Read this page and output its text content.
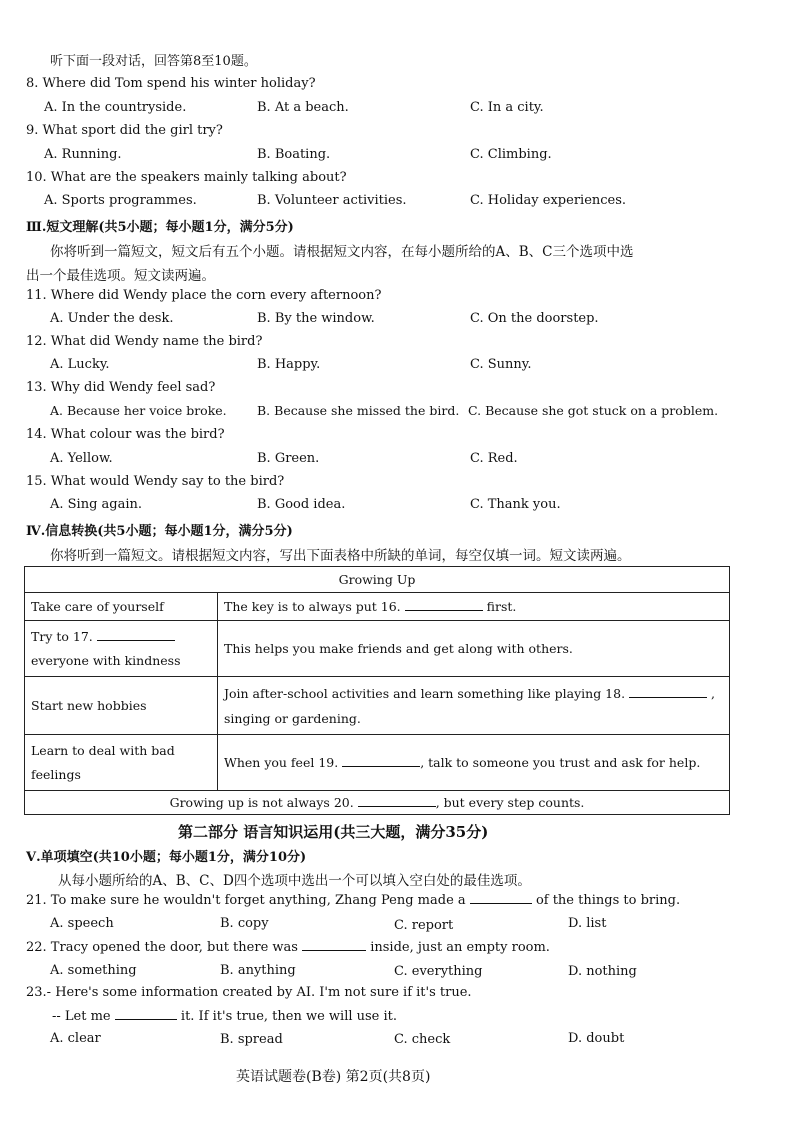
听下面一段对话，回答第8至10题。
8. Where did Tom spend his winter holiday?
A. In the countryside.	B. At a beach.	C. In a city.
9. What sport did the girl try?
A. Running.	B. Boating.	C. Climbing.
10. What are the speakers mainly talking about?
A. Sports programmes.	B. Volunteer activities.	C. Holiday experiences.
Ⅲ.短文理解(共5小题；每小题1分，满分5分)
你将听到一篇短文，短文后有五个小题。请根据短文内容，在每小题所给的A、B、C三个选项中选
出一个最佳选项。短文读两遍。
11. Where did Wendy place the corn every afternoon?
A. Under the desk.	B. By the window.	C. On the doorstep.
12. What did Wendy name the bird?
A. Lucky.	B. Happy.	C. Sunny.
13. Why did Wendy feel sad?
A. Because her voice broke. B. Because she missed the bird. C. Because she got stuck on a problem.
14. What colour was the bird?
A. Yellow.	B. Green.	C. Red.
15. What would Wendy say to the bird?
A. Sing again.	B. Good idea.	C. Thank you.
Ⅳ.信息转换(共5小题；每小题1分，满分5分)
你将听到一篇短文。请根据短文内容，写出下面表格中所缺的单词，每空仅填一词。短文读两遍。
Growing Up	
Take care of yourself	The key is to always put 16. first.
Try to 17.
everyone with kindness	This helps you make friends and get along with others.
Start new hobbies	Join after-school activities and learn something like playing 18. ,
singing or gardening.
Learn to deal with bad feelings	When you feel 19. , talk to someone you trust and ask for help.
Growing up is not always 20. , but every step counts.	
第二部分 语言知识运用(共三大题，满分35分)
Ⅴ.单项填空(共10小题；每小题1分，满分10分)
从每小题所给的A、B、C、D四个选项中选出一个可以填入空白处的最佳选项。
21. To make sure he wouldn't forget anything, Zhang Peng made a	of the things to bring.
A. speech	B. copy	C. report	D. list
22. Tracy opened the door, but there was	inside, just an empty room.
A. something	B. anything	C. everything	D. nothing
23.- Here's some information created by AI. I'm not sure if it's true.
-- Let me	it. If it's true, then we will use it.
A. clear	B. spread	C. check	D. doubt
英语试题卷(B卷) 第2页(共8页)
